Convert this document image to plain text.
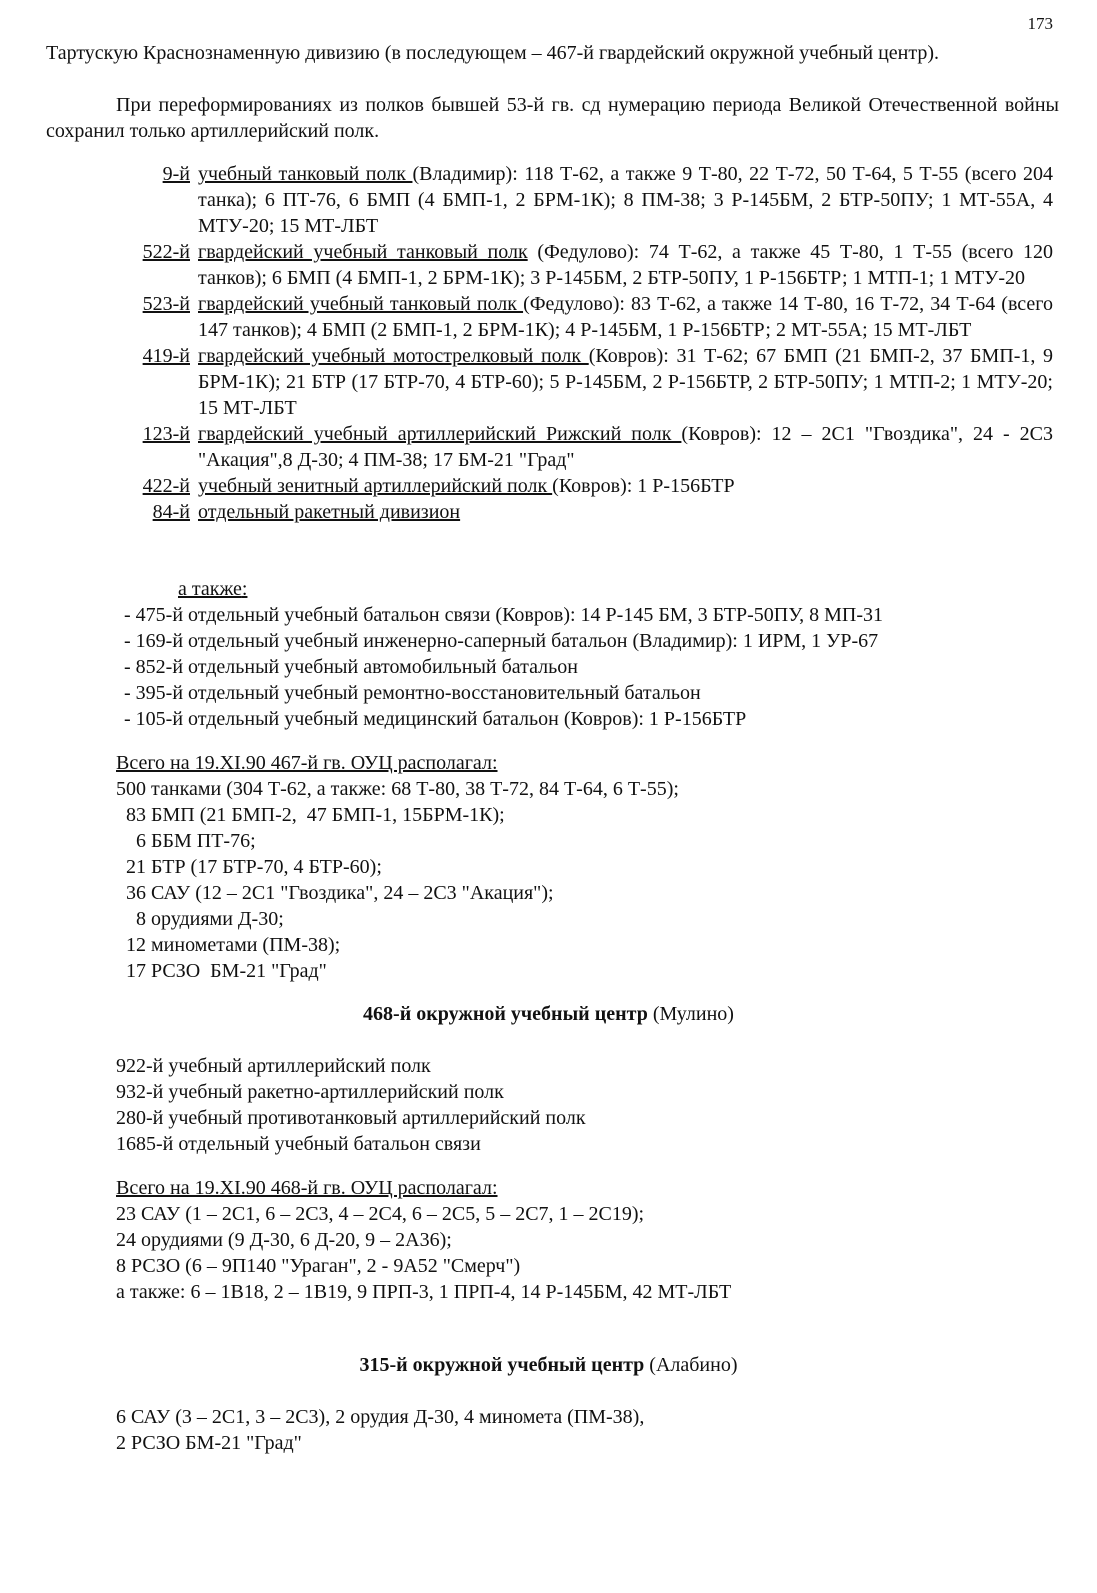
173
Тартускую Краснознаменную дивизию (в последующем – 467-й гвардейский окружной учебный центр).
При переформированиях из полков бывшей 53-й гв. сд нумерацию периода Великой Отечественной войны сохранил только артиллерийский полк.
9-й учебный танковый полк (Владимир): 118 Т-62, а также 9 Т-80, 22 Т-72, 50 Т-64, 5 Т-55 (всего 204 танка); 6 ПТ-76, 6 БМП (4 БМП-1, 2 БРМ-1К); 8 ПМ-38; 3 Р-145БМ, 2 БТР-50ПУ; 1 МТ-55А, 4 МТУ-20; 15 МТ-ЛБТ
522-й гвардейский учебный танковый полк (Федулово): 74 Т-62, а также 45 Т-80, 1 Т-55 (всего 120 танков); 6 БМП (4 БМП-1, 2 БРМ-1К); 3 Р-145БМ, 2 БТР-50ПУ, 1 Р-156БТР; 1 МТП-1; 1 МТУ-20
523-й гвардейский учебный танковый полк (Федулово): 83 Т-62, а также 14 Т-80, 16 Т-72, 34 Т-64 (всего 147 танков); 4 БМП (2 БМП-1, 2 БРМ-1К); 4 Р-145БМ, 1 Р-156БТР; 2 МТ-55А; 15 МТ-ЛБТ
419-й гвардейский учебный мотострелковый полк (Ковров): 31 Т-62; 67 БМП (21 БМП-2, 37 БМП-1, 9 БРМ-1К); 21 БТР (17 БТР-70, 4 БТР-60); 5 Р-145БМ, 2 Р-156БТР, 2 БТР-50ПУ; 1 МТП-2; 1 МТУ-20; 15 МТ-ЛБТ
123-й гвардейский учебный артиллерийский Рижский полк (Ковров): 12 – 2С1 "Гвоздика", 24 - 2С3 "Акация",8 Д-30; 4 ПМ-38; 17 БМ-21 "Град"
422-й учебный зенитный артиллерийский полк (Ковров): 1 Р-156БТР
84-й отдельный ракетный дивизион
а также:
- 475-й отдельный учебный батальон связи (Ковров): 14 Р-145 БМ, 3 БТР-50ПУ, 8 МП-31
- 169-й отдельный учебный инженерно-саперный батальон (Владимир): 1 ИРМ, 1 УР-67
- 852-й отдельный учебный автомобильный батальон
- 395-й отдельный учебный ремонтно-восстановительный батальон
- 105-й отдельный учебный медицинский батальон (Ковров): 1 Р-156БТР
Всего на 19.XI.90 467-й гв. ОУЦ располагал:
500 танками (304 Т-62, а также: 68 Т-80, 38 Т-72, 84 Т-64, 6 Т-55);
83 БМП (21 БМП-2,  47 БМП-1, 15БРМ-1К);
6 ББМ ПТ-76;
21 БТР (17 БТР-70, 4 БТР-60);
36 САУ (12 – 2С1 "Гвоздика", 24 – 2С3 "Акация");
8 орудиями Д-30;
12 минометами (ПМ-38);
17 РСЗО  БМ-21 "Град"
468-й окружной учебный центр (Мулино)
922-й учебный артиллерийский полк
932-й учебный ракетно-артиллерийский полк
280-й учебный противотанковый артиллерийский полк
1685-й отдельный учебный батальон связи
Всего на 19.XI.90 468-й гв. ОУЦ располагал:
23 САУ (1 – 2С1, 6 – 2С3, 4 – 2С4, 6 – 2С5, 5 – 2С7, 1 – 2С19);
24 орудиями (9 Д-30, 6 Д-20, 9 – 2А36);
8 РСЗО (6 – 9П140 "Ураган", 2 - 9А52 "Смерч")
а также: 6 – 1В18, 2 – 1В19, 9 ПРП-3, 1 ПРП-4, 14 Р-145БМ, 42 МТ-ЛБТ
315-й окружной учебный центр (Алабино)
6 САУ (3 – 2С1, 3 – 2С3), 2 орудия Д-30, 4 миномета (ПМ-38),
2 РСЗО БМ-21 "Град"
